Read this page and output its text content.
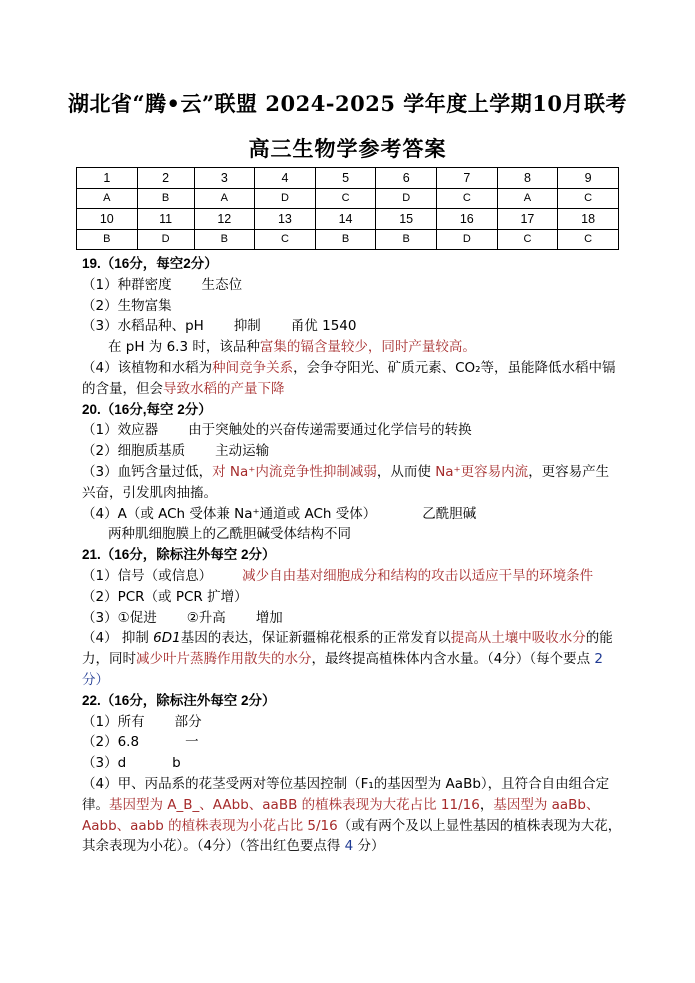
湖北省“腾•云”联盟 2024-2025 学年度上学期10月联考
高三生物学参考答案
1	2	3	4	5	6	7	8	9
A	B	A	D	C	D	C	A	C
10	11	12	13	14	15	16	17	18
B	D	B	C	B	B	D	C	C
19.（16分，每空2分）
（1）种群密度 生态位
（2）生物富集
（3）水稻品种、pH 抑制 甬优 1540
在 pH 为 6.3 时，该品种富集的镉含量较少，同时产量较高。
（4）该植物和水稻为种间竞争关系，会争夺阳光、矿质元素、CO₂等，虽能降低水稻中镉的含量，但会导致水稻的产量下降
20.（16分,每空 2分）
（1）效应器 由于突触处的兴奋传递需要通过化学信号的转换
（2）细胞质基质 主动运输
（3）血钙含量过低，对 Na⁺内流竞争性抑制减弱，从而使 Na⁺更容易内流，更容易产生兴奋，引发肌肉抽搐。
（4）A（或 ACh 受体兼 Na⁺通道或 ACh 受体）	乙酰胆碱
两种肌细胞膜上的乙酰胆碱受体结构不同
21.（16分，除标注外每空 2分）
（1）信号（或信息） 减少自由基对细胞成分和结构的攻击以适应干旱的环境条件
（2）PCR（或 PCR 扩增）
（3）①促进 ②升高 增加
（4） 抑制 6D1基因的表达，保证新疆棉花根系的正常发育以提高从土壤中吸收水分的能力，同时减少叶片蒸腾作用散失的水分，最终提高植株体内含水量。（4分）（每个要点 2分）
22.（16分，除标注外每空 2分）
（1）所有 部分
（2）6.8	一
（3）d	b
（4）甲、丙品系的花茎受两对等位基因控制（F₁的基因型为 AaBb），且符合自由组合定律。基因型为 A_B_、AAbb、aaBB 的植株表现为大花占比 11/16，基因型为 aaBb、Aabb、aabb 的植株表现为小花占比 5/16（或有两个及以上显性基因的植株表现为大花，其余表现为小花）。（4分）（答出红色要点得 4 分）
